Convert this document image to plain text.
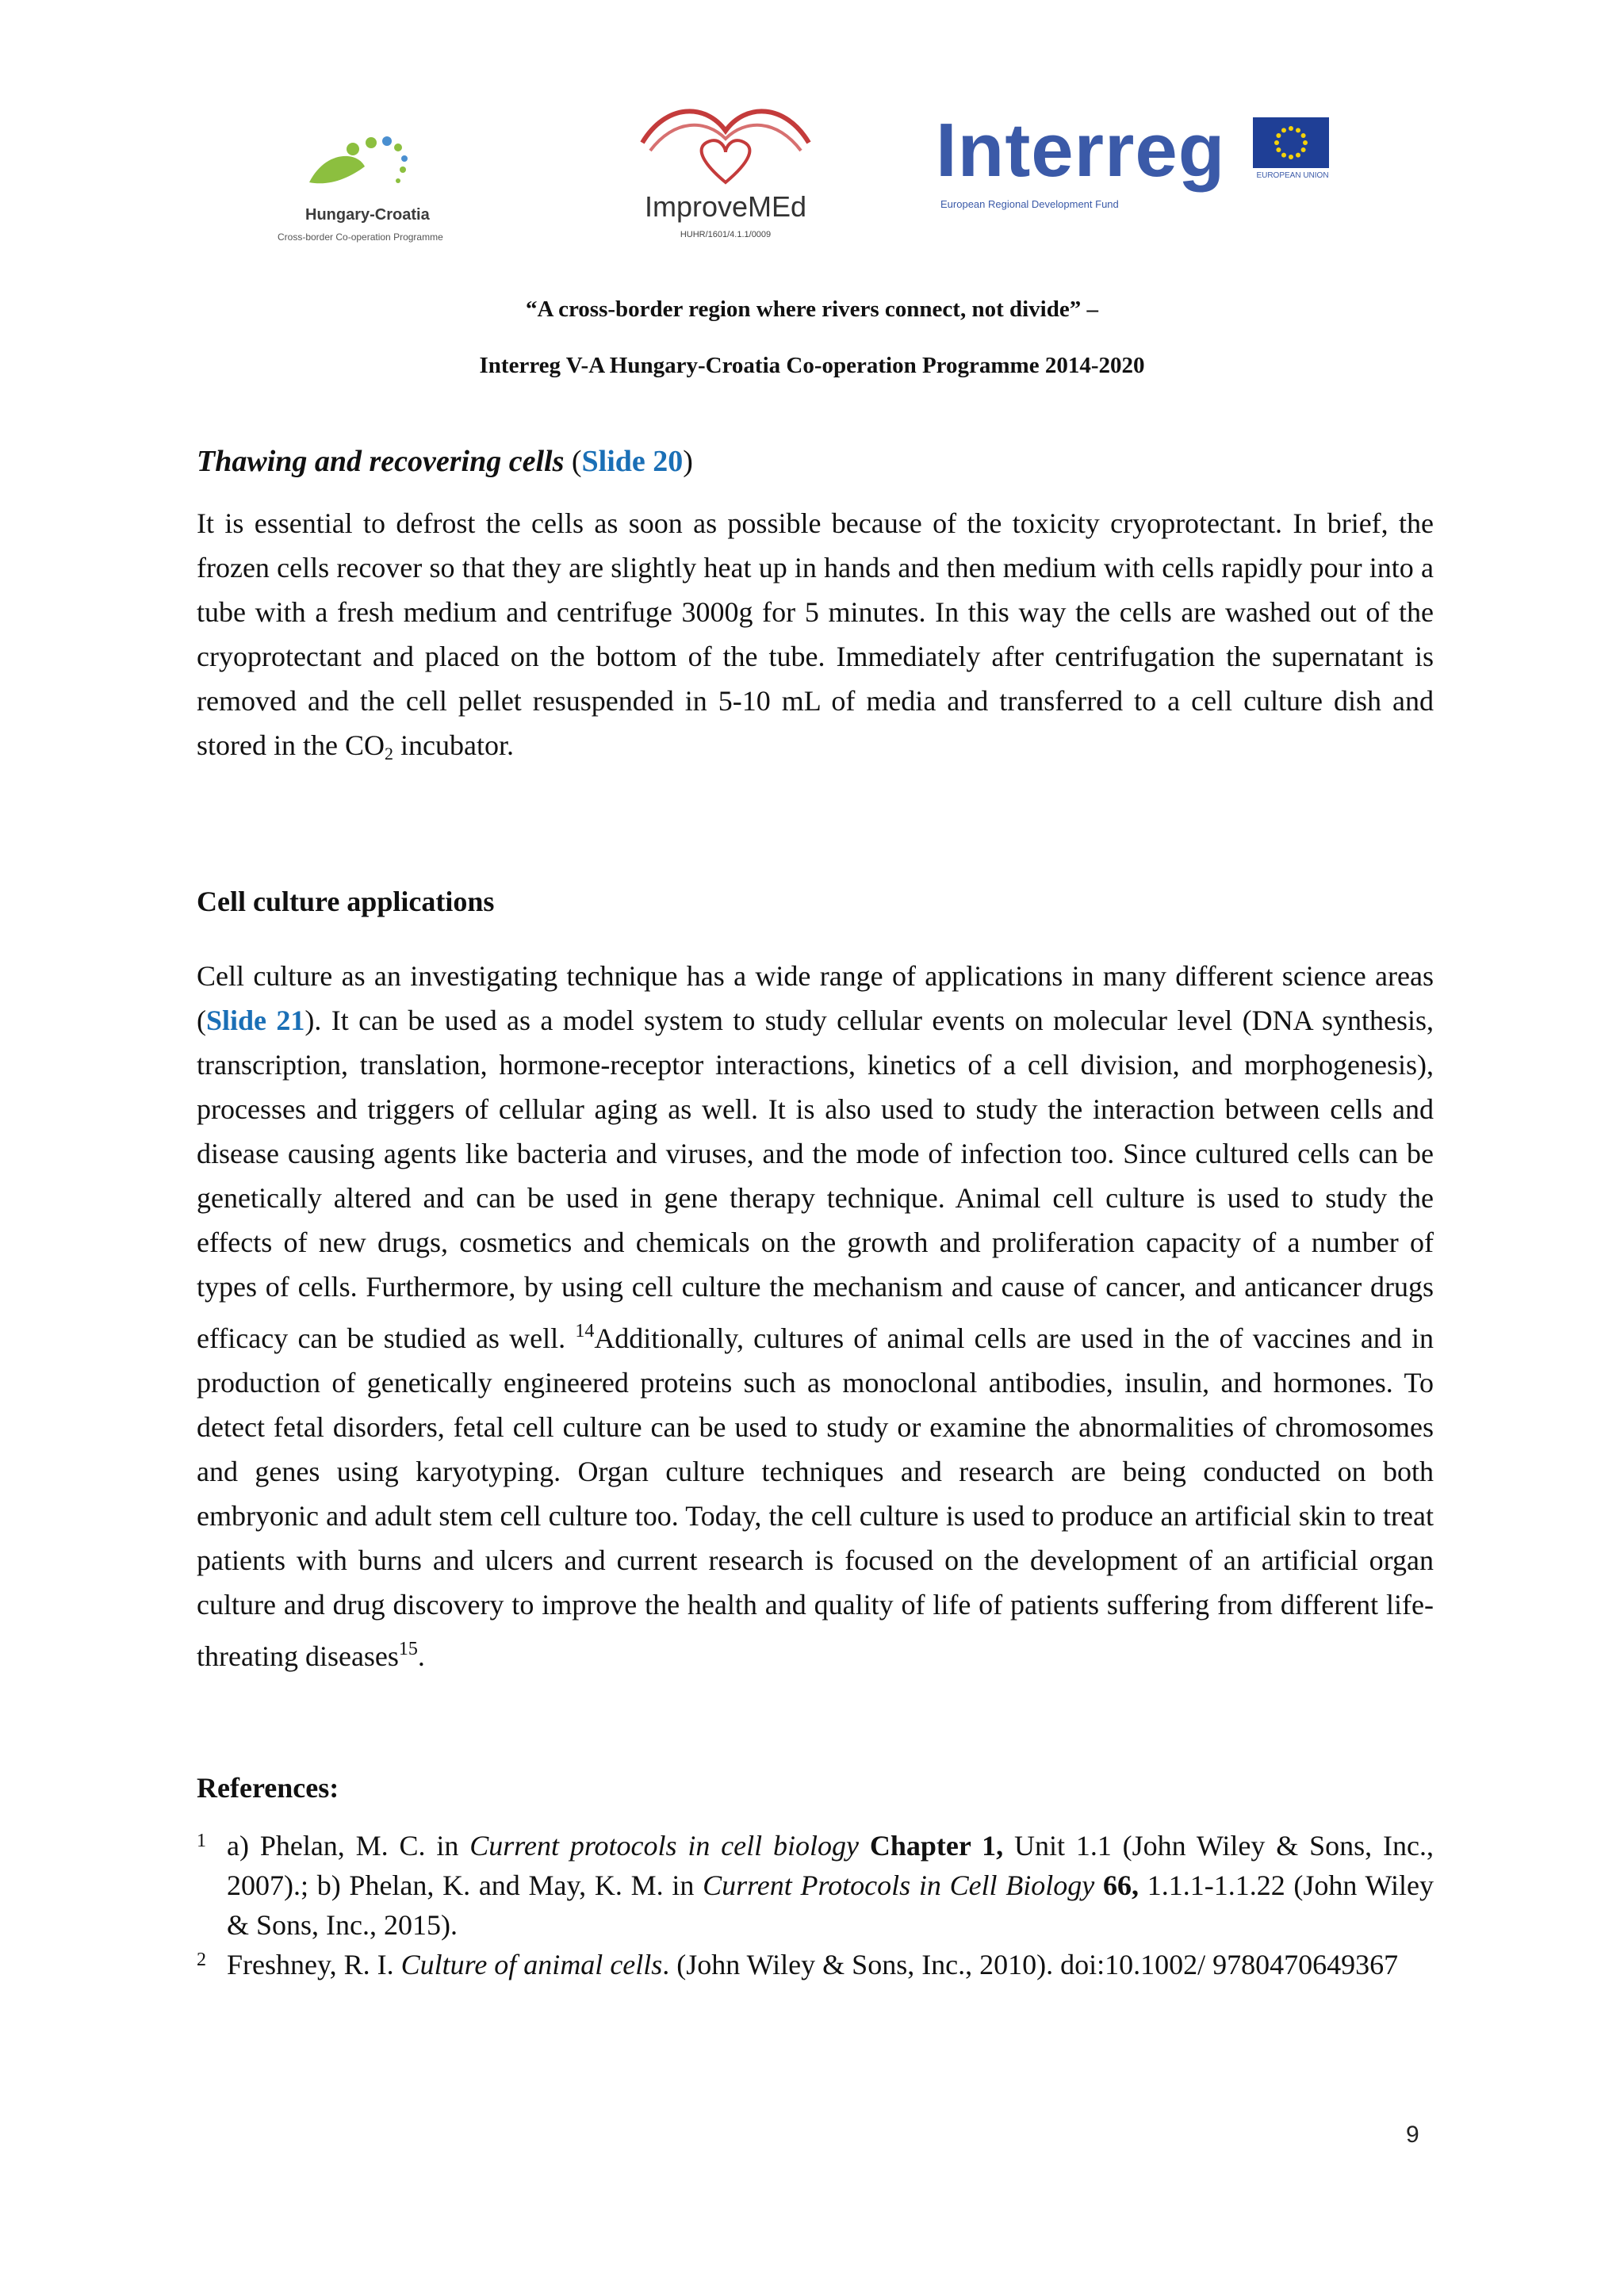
Hungary-Croatia
Cross-border Co-operation Programme
ImproveMEd
HUHR/1601/4.1.1/0009
Interreg
European Regional Development Fund
EUROPEAN UNION
“A cross-border region where rivers connect, not divide” –
Interreg V-A Hungary-Croatia Co-operation Programme 2014-2020
Thawing and recovering cells (Slide 20)

It is essential to defrost the cells as soon as possible because of the toxicity cryoprotectant. In brief, the frozen cells recover so that they are slightly heat up in hands and then medium with cells rapidly pour into a tube with a fresh medium and centrifuge 3000g for 5 minutes. In this way the cells are washed out of the cryoprotectant and placed on the bottom of the tube. Immediately after centrifugation the supernatant is removed and the cell pellet resuspended in 5-10 mL of media and transferred to a cell culture dish and stored in the $CO_2$ incubator.

Cell culture applications

Cell culture as an investigating technique has a wide range of applications in many different science areas (Slide 21). It can be used as a model system to study cellular events on molecular level (DNA synthesis, transcription, translation, hormone-receptor interactions, kinetics of a cell division, and morphogenesis), processes and triggers of cellular aging as well. It is also used to study the interaction between cells and disease causing agents like bacteria and viruses, and the mode of infection too. Since cultured cells can be genetically altered and can be used in gene therapy technique. Animal cell culture is used to study the effects of new drugs, cosmetics and chemicals on the growth and proliferation capacity of a number of types of cells. Furthermore, by using cell culture the mechanism and cause of cancer, and anticancer drugs efficacy can be studied as well. $^{14}$Additionally, cultures of animal cells are used in the of vaccines and in production of genetically engineered proteins such as monoclonal antibodies, insulin, and hormones. To detect fetal disorders, fetal cell culture can be used to study or examine the abnormalities of chromosomes and genes using karyotyping. Organ culture techniques and research are being conducted on both embryonic and adult stem cell culture too. Today, the cell culture is used to produce an artificial skin to treat patients with burns and ulcers and current research is focused on the development of an artificial organ culture and drug discovery to improve the health and quality of life of patients suffering from different life-threating diseases$^{15}$.

References:

1 a) Phelan, M. C. in Current protocols in cell biology Chapter 1, Unit 1.1 (John Wiley & Sons, Inc., 2007).; b) Phelan, K. and May, K. M. in Current Protocols in Cell Biology 66, 1.1.1-1.1.22 (John Wiley & Sons, Inc., 2015).

2 Freshney, R. I. Culture of animal cells. (John Wiley & Sons, Inc., 2010). doi:10.1002/ 9780470649367

9
